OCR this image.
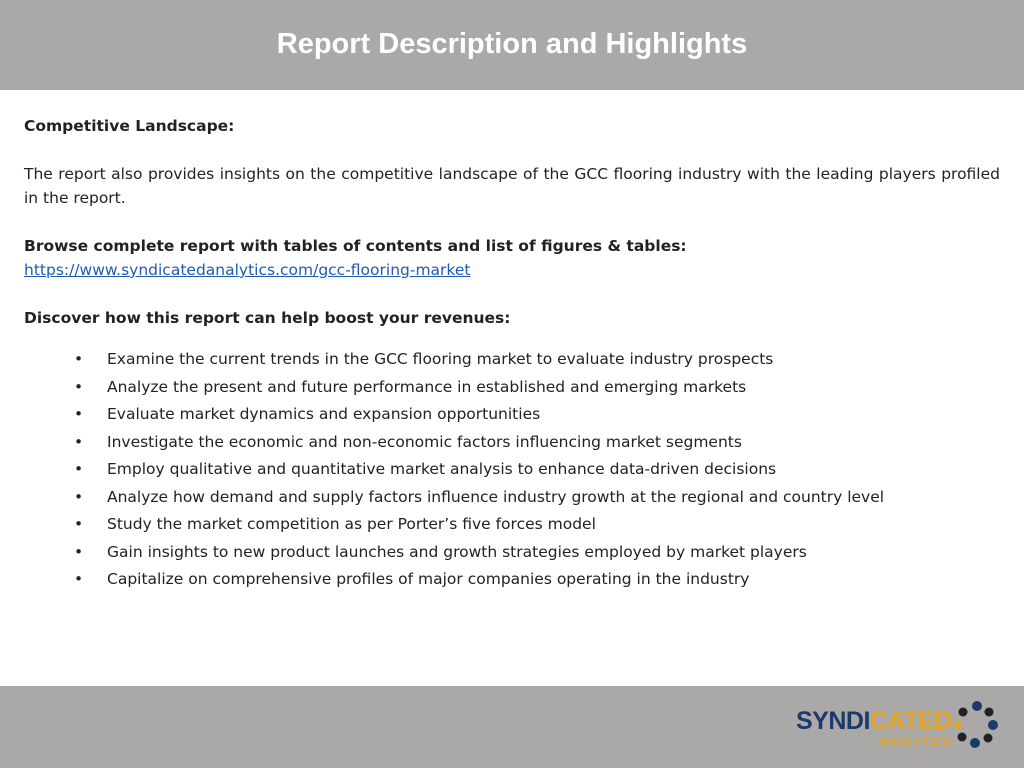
Report Description and Highlights

Competitive Landscape:

The report also provides insights on the competitive landscape of the GCC flooring industry with the leading players profiled in the report.

Browse complete report with tables of contents and list of figures & tables:

https://www.syndicatedanalytics.com/gcc-flooring-market

Discover how this report can help boost your revenues:

• Examine the current trends in the GCC flooring market to evaluate industry prospects
• Analyze the present and future performance in established and emerging markets
• Evaluate market dynamics and expansion opportunities
• Investigate the economic and non-economic factors influencing market segments
• Employ qualitative and quantitative market analysis to enhance data-driven decisions
• Analyze how demand and supply factors influence industry growth at the regional and country level
• Study the market competition as per Porter’s five forces model
• Gain insights to new product launches and growth strategies employed by market players
• Capitalize on comprehensive profiles of major companies operating in the industry
SYNDICATED
ANALYTICS
